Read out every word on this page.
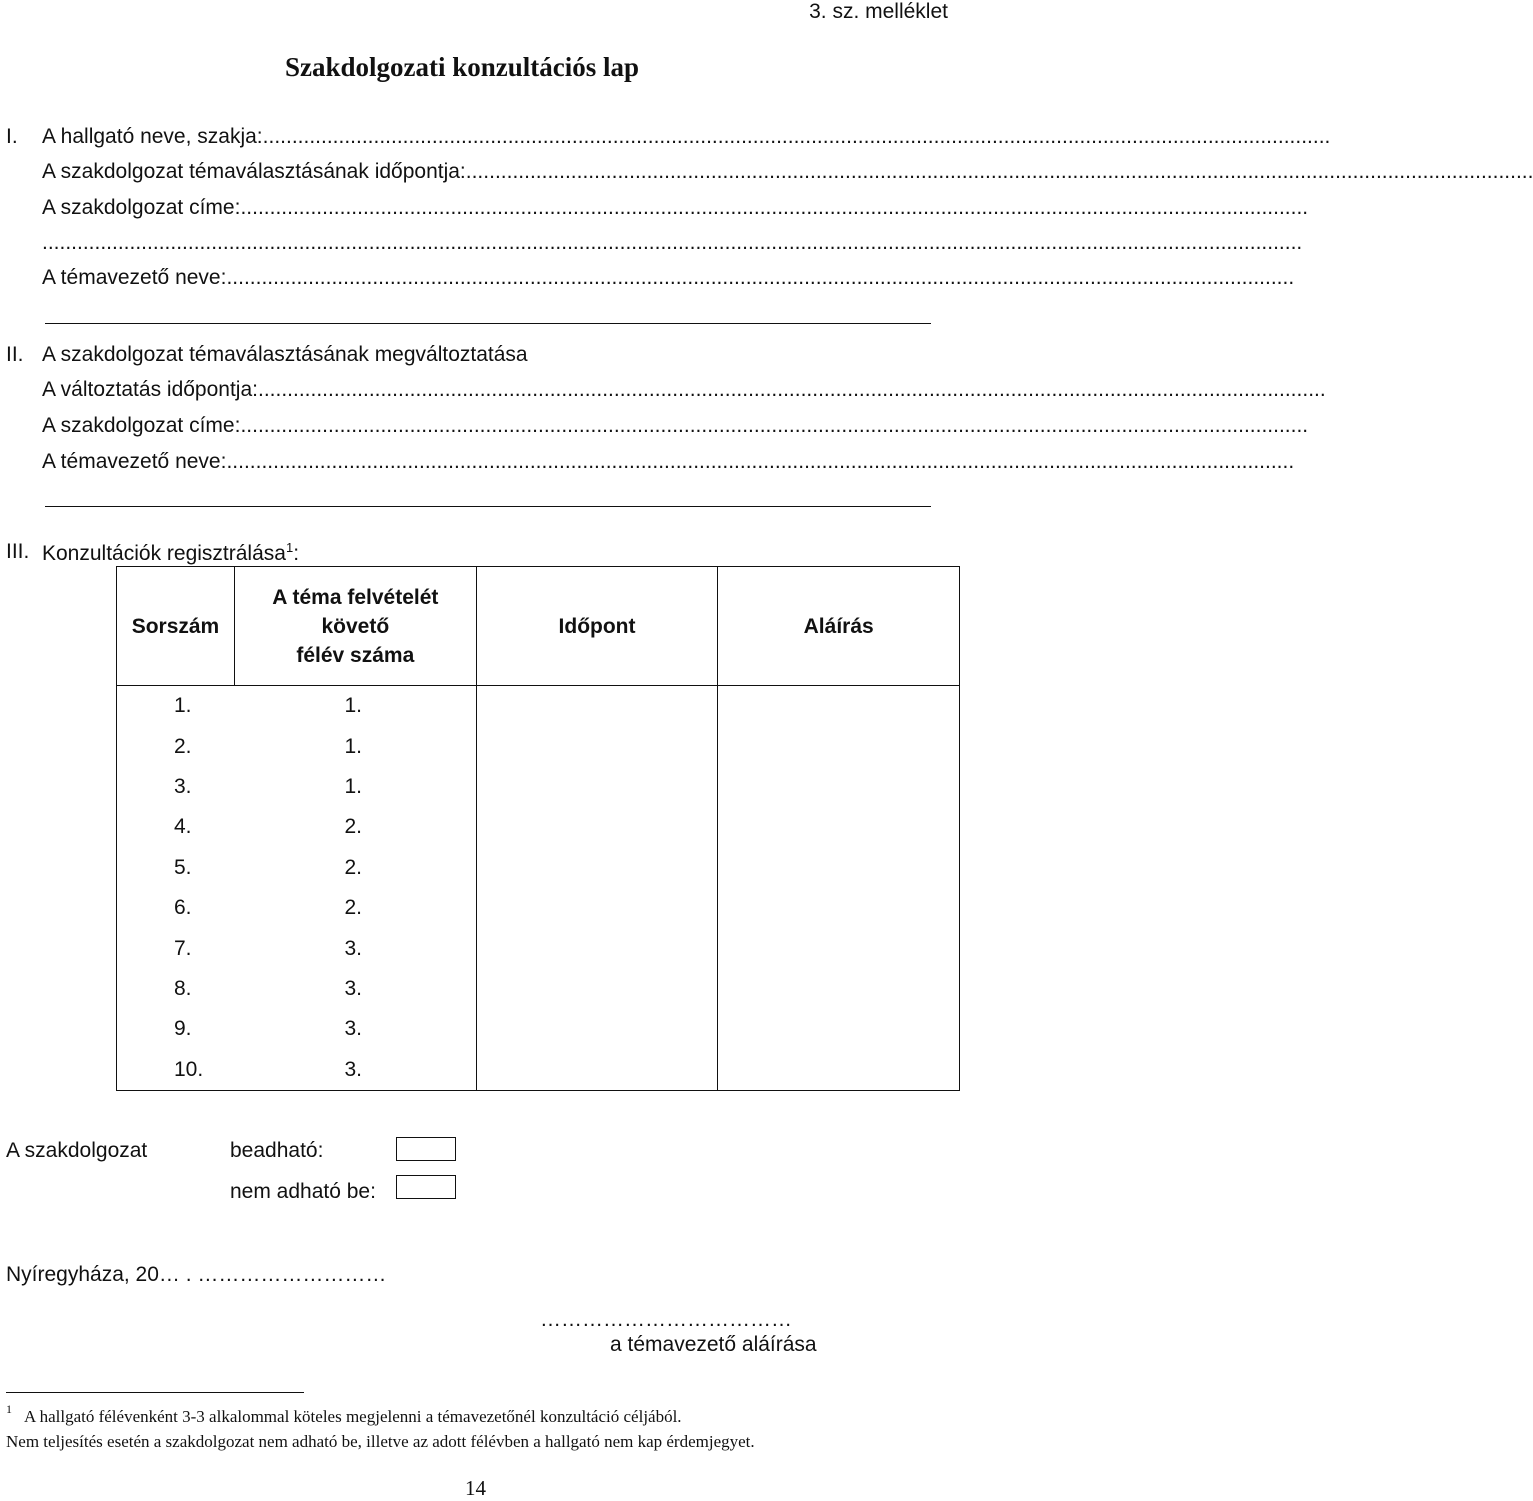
3. sz. melléklet
Szakdolgozati konzultációs lap
I. A hallgató neve, szakja: .......................................................................................................................................................................................
A szakdolgozat témaválasztásának időpontja: .......................................................................................................................................................................................
A szakdolgozat címe: .......................................................................................................................................................................................
........................................................................................................................................................................................................................
A témavezető neve: .......................................................................................................................................................................................
II. A szakdolgozat témaválasztásának megváltoztatása
A változtatás időpontja: .......................................................................................................................................................................................
A szakdolgozat címe: .......................................................................................................................................................................................
A témavezető neve: .......................................................................................................................................................................................
III. Konzultációk regisztrálása$^1$:
Sorszám	A téma felvételét
követő
félév száma	Időpont	Aláírás
1.	1.		
2.	1.		
3.	1.		
4.	2.		
5.	2.		
6.	2.		
7.	3.		
8.	3.		
9.	3.		
10.	3.		
A szakdolgozat	beadható:
nem adható be:
Nyíregyháza, 20… . ………………………
………………………………
a témavezető aláírása
1 A hallgató félévenként 3-3 alkalommal köteles megjelenni a témavezetőnél konzultáció céljából.
Nem teljesítés esetén a szakdolgozat nem adható be, illetve az adott félévben a hallgató nem kap érdemjegyet.
14
